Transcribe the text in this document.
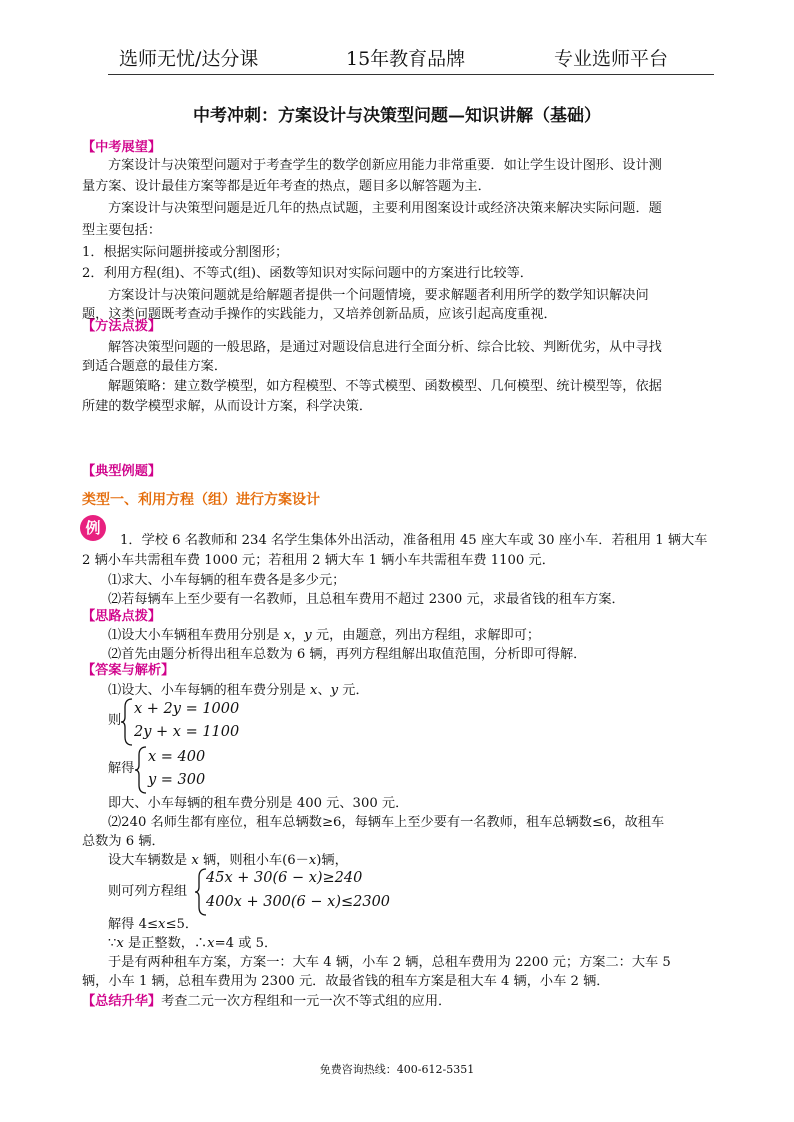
选师无忧/达分课	15年教育品牌	专业选师平台
中考冲刺：方案设计与决策型问题—知识讲解（基础）
【中考展望】
方案设计与决策型问题对于考查学生的数学创新应用能力非常重要．如让学生设计图形、设计测
量方案、设计最佳方案等都是近年考查的热点，题目多以解答题为主．
方案设计与决策型问题是近几年的热点试题，主要利用图案设计或经济决策来解决实际问题．题
型主要包括：
1．根据实际问题拼接或分割图形；
2．利用方程(组)、不等式(组)、函数等知识对实际问题中的方案进行比较等．
方案设计与决策问题就是给解题者提供一个问题情境，要求解题者利用所学的数学知识解决问
题，这类问题既考查动手操作的实践能力，又培养创新品质，应该引起高度重视．
【方法点拨】
解答决策型问题的一般思路，是通过对题设信息进行全面分析、综合比较、判断优劣，从中寻找
到适合题意的最佳方案．
解题策略：建立数学模型，如方程模型、不等式模型、函数模型、几何模型、统计模型等，依据
所建的数学模型求解，从而设计方案，科学决策．
【典型例题】
类型一、利用方程（组）进行方案设计
例
1．学校 6 名教师和 234 名学生集体外出活动，准备租用 45 座大车或 30 座小车．若租用 1 辆大车
2 辆小车共需租车费 1000 元；若租用 2 辆大车 1 辆小车共需租车费 1100 元．
⑴求大、小车每辆的租车费各是多少元；
⑵若每辆车上至少要有一名教师，且总租车费用不超过 2300 元，求最省钱的租车方案．
【思路点拨】
⑴设大小车辆租车费用分别是 x，y 元，由题意，列出方程组，求解即可；
⑵首先由题分析得出租车总数为 6 辆，再列方程组解出取值范围，分析即可得解．
【答案与解析】
⑴设大、小车每辆的租车费分别是 x、y 元．
则
x + 2y = 1000
2y + x = 1100
解得
x = 400
y = 300
即大、小车每辆的租车费分别是 400 元、300 元．
⑵240 名师生都有座位，租车总辆数≥6，每辆车上至少要有一名教师，租车总辆数≤6，故租车
总数为 6 辆．
设大车辆数是 x 辆，则租小车(6－x)辆，
则可列方程组
45x + 30(6 − x)≥240
400x + 300(6 − x)≤2300
解得 4≤x≤5．
∵x 是正整数，∴x=4 或 5．
于是有两种租车方案，方案一：大车 4 辆，小车 2 辆，总租车费用为 2200 元；方案二：大车 5
辆，小车 1 辆，总租车费用为 2300 元．故最省钱的租车方案是租大车 4 辆，小车 2 辆．
【总结升华】考查二元一次方程组和一元一次不等式组的应用．
免费咨询热线：400-612-5351
